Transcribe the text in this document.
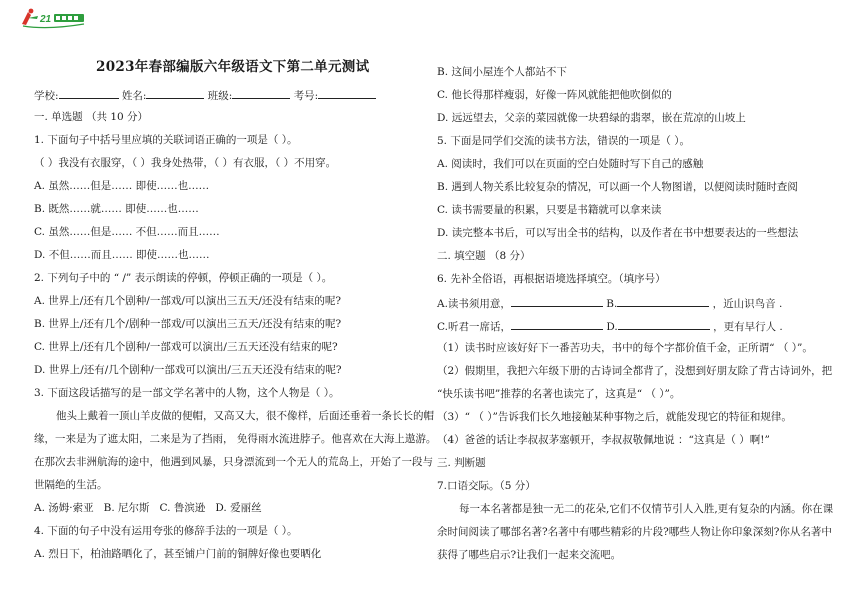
21
2023年春部编版六年级语文下第二单元测试
学校:	姓名:	班级:	考号:
一. 单选题 （共 10 分）
1. 下面句子中括号里应填的关联词语正确的一项是（ ）。
（ ）我没有衣服穿，（ ）我身处热带，（ ）有衣服，（ ）不用穿。
A. 虽然……但是…… 即使……也……
B. 既然……就…… 即使……也……
C. 虽然……但是…… 不但……而且……
D. 不但……而且…… 即使……也……
2. 下列句子中的 “ /” 表示朗读的停顿，停顿正确的一项是（ ）。
A. 世界上/还有几个剧种/一部戏/可以演出三五天/还没有结束的呢?
B. 世界上/还有几个/剧种一部戏/可以演出三五天/还没有结束的呢?
C. 世界上/还有几个剧种/一部戏可以演出/三五天还没有结束的呢?
D. 世界上/还有/几个剧种/一部戏可以演出/三五天还没有结束的呢?
3. 下面这段话描写的是一部文学名著中的人物，这个人物是（ ）。
他头上戴着一顶山羊皮做的便帽，又高又大，很不像样，后面还垂着一条长长的帽
缘，一来是为了遮太阳，二来是为了挡雨， 免得雨水流进脖子。他喜欢在大海上遨游。
在那次去非洲航海的途中，他遇到风暴，只身漂流到一个无人的荒岛上，开始了一段与
世隔绝的生活。
A. 汤姆·索亚   B. 尼尔斯   C. 鲁滨逊   D. 爱丽丝
4. 下面的句子中没有运用夸张的修辞手法的一项是（ ）。
A. 烈日下，柏油路晒化了，甚至铺户门前的铜牌好像也要晒化
B. 这间小屋连个人都站不下
C. 他长得那样瘦弱，好像一阵风就能把他吹倒似的
D. 远远望去，父亲的菜园就像一块碧绿的翡翠，嵌在荒凉的山坡上
5. 下面是同学们交流的读书方法，错误的一项是（ ）。
A. 阅读时，我们可以在页面的空白处随时写下自己的感触
B. 遇到人物关系比较复杂的情况，可以画一个人物图谱，以便阅读时随时查阅
C. 读书需要量的积累，只要是书籍就可以拿来读
D. 读完整本书后，可以写出全书的结构，以及作者在书中想要表达的一些想法
二. 填空题 （8 分）
6. 先补全俗语，再根据语境选择填空。（填序号）
A.读书须用意，	B.	，近山识鸟音 .
C.听君一席话，	D.	，更有早行人 .
（1）读书时应该好好下一番苦功夫，书中的每个字都价值千金，正所谓“ （ ）”。
（2）假期里，我把六年级下册的古诗词全都背了，没想到好朋友除了背古诗词外，把
“快乐读书吧”推荐的名著也读完了，这真是“ （ ）”。
（3）“ （ ）”告诉我们长久地接触某种事物之后，就能发现它的特征和规律。
（4）爸爸的话让李叔叔茅塞顿开，李叔叔敬佩地说 ：“这真是（ ）啊!”
三. 判断题
7.口语交际。（5 分）
每一本名著都是独一无二的花朵,它们不仅情节引人入胜,更有复杂的内涵。你在课
余时间阅读了哪部名著?名著中有哪些精彩的片段?哪些人物让你印象深刻?你从名著中
获得了哪些启示?让我们一起来交流吧。
